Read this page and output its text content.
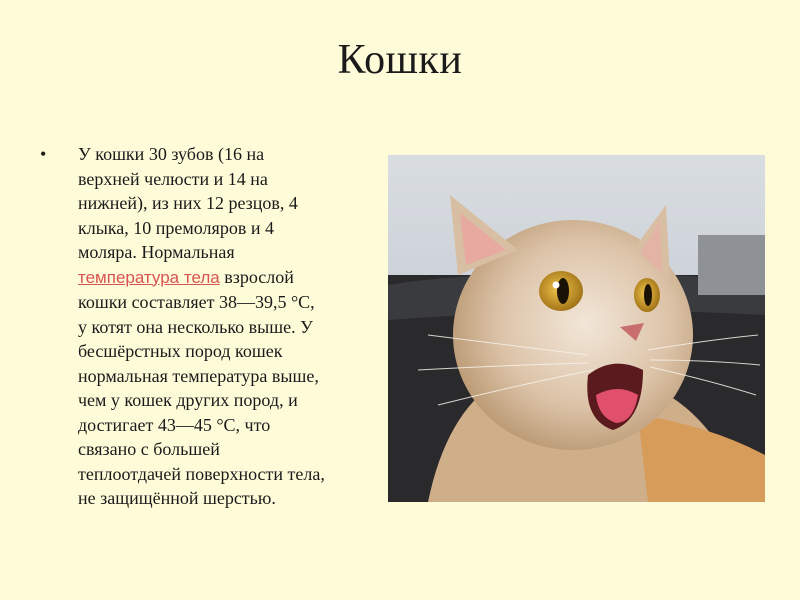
Кошки
• У кошки 30 зубов (16 на
верхней челюсти и 14 на
нижней), из них 12 резцов, 4
клыка, 10 премоляров и 4
моляра. Нормальная
температура тела взрослой
кошки составляет 38—39,5 °С,
у котят она несколько выше. У
бесшёрстных пород кошек
нормальная температура выше,
чем у кошек других пород, и
достигает 43—45 °С, что
связано с большей
теплоотдачей поверхности тела,
не защищённой шерстью.
